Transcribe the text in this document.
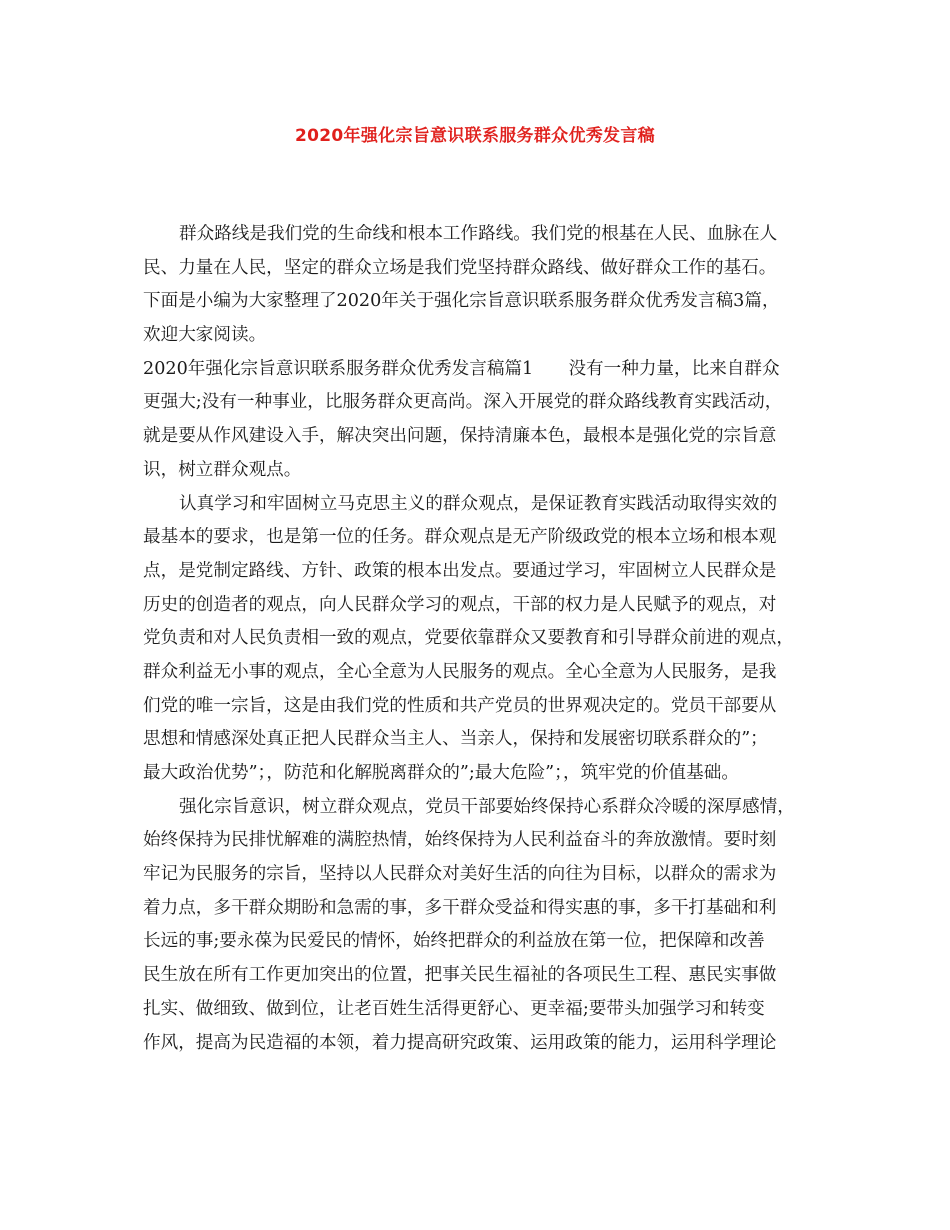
2020年强化宗旨意识联系服务群众优秀发言稿
群众路线是我们党的生命线和根本工作路线。我们党的根基在人民、血脉在人
民、力量在人民，坚定的群众立场是我们党坚持群众路线、做好群众工作的基石。
下面是小编为大家整理了2020年关于强化宗旨意识联系服务群众优秀发言稿3篇，
欢迎大家阅读。
2020年强化宗旨意识联系服务群众优秀发言稿篇1　　没有一种力量，比来自群众
更强大;没有一种事业，比服务群众更高尚。深入开展党的群众路线教育实践活动，
就是要从作风建设入手，解决突出问题，保持清廉本色，最根本是强化党的宗旨意
识，树立群众观点。
认真学习和牢固树立马克思主义的群众观点，是保证教育实践活动取得实效的
最基本的要求，也是第一位的任务。群众观点是无产阶级政党的根本立场和根本观
点，是党制定路线、方针、政策的根本出发点。要通过学习，牢固树立人民群众是
历史的创造者的观点，向人民群众学习的观点，干部的权力是人民赋予的观点，对
党负责和对人民负责相一致的观点，党要依靠群众又要教育和引导群众前进的观点，
群众利益无小事的观点，全心全意为人民服务的观点。全心全意为人民服务，是我
们党的唯一宗旨，这是由我们党的性质和共产党员的世界观决定的。党员干部要从
思想和情感深处真正把人民群众当主人、当亲人，保持和发展密切联系群众的”；
最大政治优势”；，防范和化解脱离群众的”;最大危险”；，筑牢党的价值基础。
强化宗旨意识，树立群众观点，党员干部要始终保持心系群众冷暖的深厚感情，
始终保持为民排忧解难的满腔热情，始终保持为人民利益奋斗的奔放激情。要时刻
牢记为民服务的宗旨，坚持以人民群众对美好生活的向往为目标，以群众的需求为
着力点，多干群众期盼和急需的事，多干群众受益和得实惠的事，多干打基础和利
长远的事;要永葆为民爱民的情怀，始终把群众的利益放在第一位，把保障和改善
民生放在所有工作更加突出的位置，把事关民生福祉的各项民生工程、惠民实事做
扎实、做细致、做到位，让老百姓生活得更舒心、更幸福;要带头加强学习和转变
作风，提高为民造福的本领，着力提高研究政策、运用政策的能力，运用科学理论
